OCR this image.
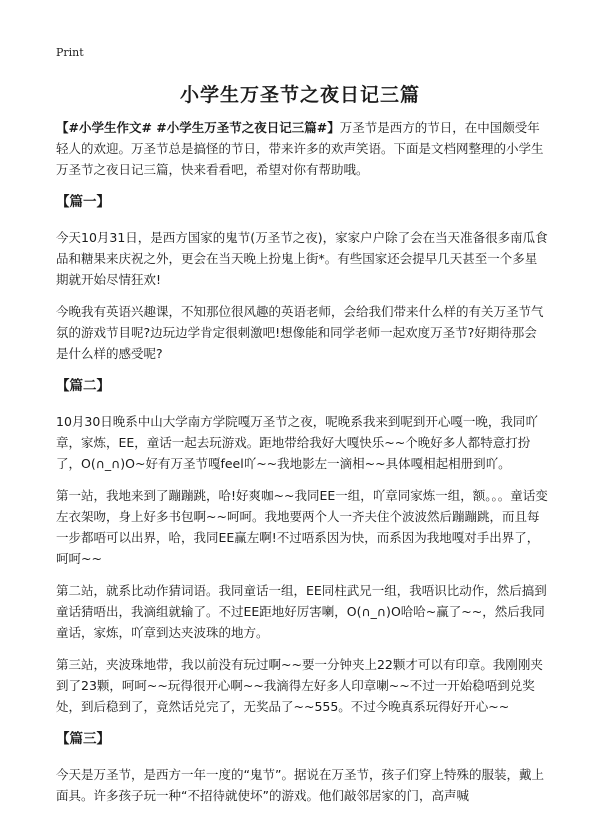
Print
小学生万圣节之夜日记三篇

【#小学生作文# #小学生万圣节之夜日记三篇#】万圣节是西方的节日，在中国颇受年轻人的欢迎。万圣节总是搞怪的节日，带来许多的欢声笑语。下面是文档网整理的小学生万圣节之夜日记三篇，快来看看吧，希望对你有帮助哦。

【篇一】

今天10月31日，是西方国家的鬼节(万圣节之夜)，家家户户除了会在当天准备很多南瓜食品和糖果来庆祝之外，更会在当天晚上扮鬼上街*。有些国家还会提早几天甚至一个多星期就开始尽情狂欢!

今晚我有英语兴趣课，不知那位很风趣的英语老师，会给我们带来什么样的有关万圣节气氛的游戏节目呢?边玩边学肯定很刺激吧!想像能和同学老师一起欢度万圣节?好期待那会是什么样的感受呢?

【篇二】

10月30日晚系中山大学南方学院嘎万圣节之夜，呢晚系我来到呢到开心嘎一晚，我同吖章，家炼，EE，童话一起去玩游戏。距地带给我好大嘎快乐~~个晚好多人都特意打扮了，O(∩_∩)O~好有万圣节嘎feel吖~~我地影左一滴相~~具体嘎相起相册到吖。

第一站，我地来到了蹦蹦跳，哈!好爽咖~~我同EE一组，吖章同家炼一组，额。。。童话变左衣架吻，身上好多书包啊~~呵呵。我地要两个人一齐夫住个波波然后蹦蹦跳，而且每一步都唔可以出界，哈，我同EE赢左啊!不过唔系因为快，而系因为我地嘎对手出界了，呵呵~~

第二站，就系比动作猜词语。我同童话一组，EE同柱武兄一组，我唔识比动作，然后搞到童话猜唔出，我滴组就输了。不过EE距地好厉害喇，O(∩_∩)O哈哈~赢了~~，然后我同童话，家炼，吖章到达夹波珠的地方。

第三站，夹波珠地带，我以前没有玩过啊~~要一分钟夹上22颗才可以有印章。我刚刚夹到了23颗，呵呵~~玩得很开心啊~~我滴得左好多人印章喇~~不过一开始稳唔到兑奖处，到后稳到了，竟然话兑完了，无奖品了~~555。不过今晚真系玩得好开心~~

【篇三】

今天是万圣节，是西方一年一度的“鬼节”。据说在万圣节，孩子们穿上特殊的服装，戴上面具。许多孩子玩一种“不招待就使坏”的游戏。他们敲邻居家的门，高声喊
